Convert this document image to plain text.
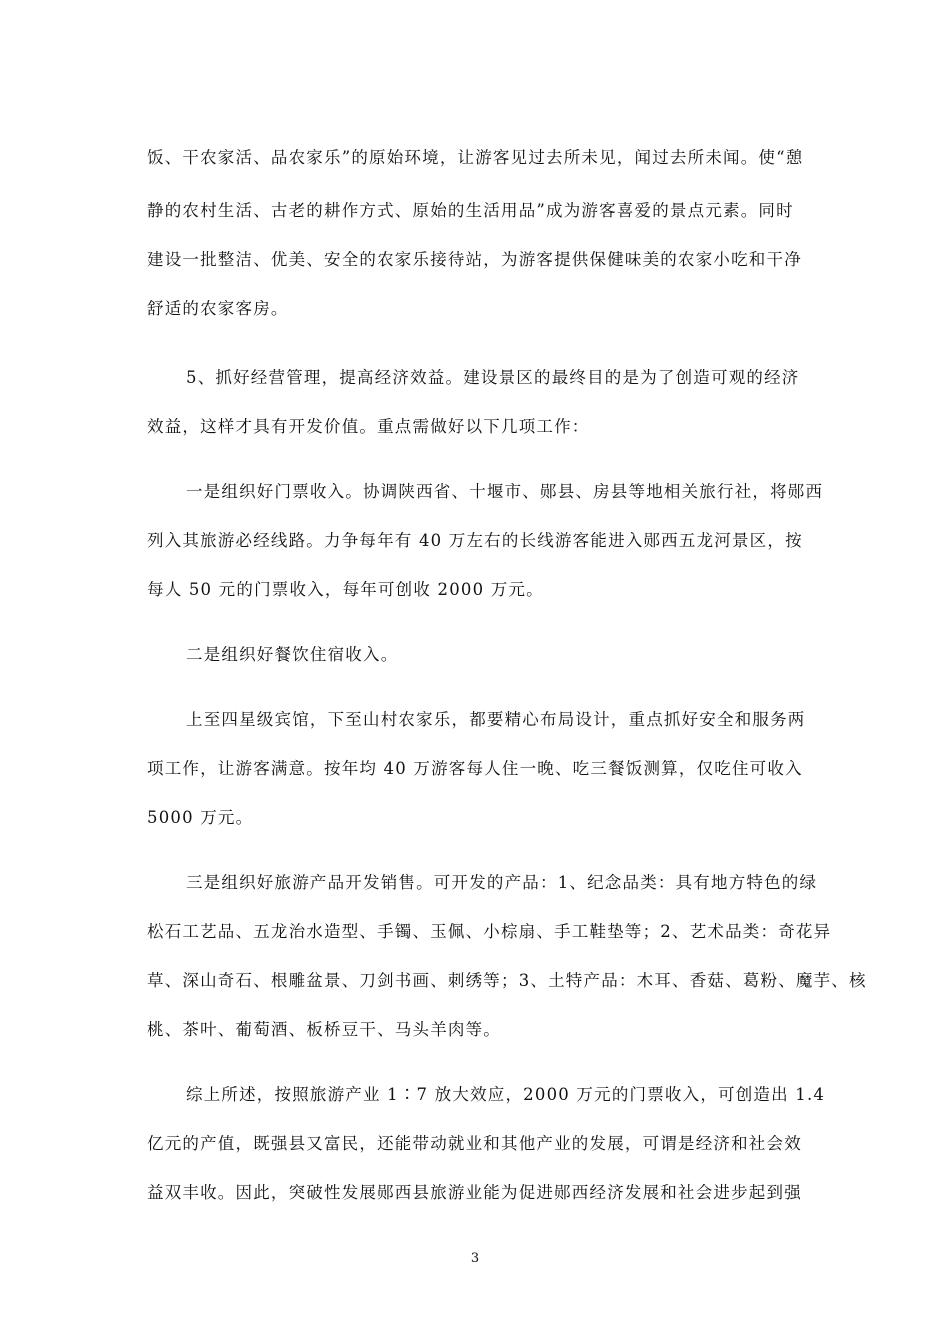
饭、干农家活、品农家乐”的原始环境，让游客见过去所未见，闻过去所未闻。使“憩
静的农村生活、古老的耕作方式、原始的生活用品”成为游客喜爱的景点元素。同时
建设一批整洁、优美、安全的农家乐接待站，为游客提供保健味美的农家小吃和干净
舒适的农家客房。
5、抓好经营管理，提高经济效益。建设景区的最终目的是为了创造可观的经济
效益，这样才具有开发价值。重点需做好以下几项工作：
一是组织好门票收入。协调陕西省、十堰市、郧县、房县等地相关旅行社，将郧西
列入其旅游必经线路。力争每年有 40 万左右的长线游客能进入郧西五龙河景区，按
每人 50 元的门票收入，每年可创收 2000 万元。
二是组织好餐饮住宿收入。
上至四星级宾馆，下至山村农家乐，都要精心布局设计，重点抓好安全和服务两
项工作，让游客满意。按年均 40 万游客每人住一晚、吃三餐饭测算，仅吃住可收入
5000 万元。
三是组织好旅游产品开发销售。可开发的产品：1、纪念品类：具有地方特色的绿
松石工艺品、五龙治水造型、手镯、玉佩、小棕扇、手工鞋垫等；2、艺术品类：奇花异
草、深山奇石、根雕盆景、刀剑书画、刺绣等；3、土特产品：木耳、香菇、葛粉、魔芋、核
桃、茶叶、葡萄酒、板桥豆干、马头羊肉等。
综上所述，按照旅游产业 1∶7 放大效应，2000 万元的门票收入，可创造出 1.4
亿元的产值，既强县又富民，还能带动就业和其他产业的发展，可谓是经济和社会效
益双丰收。因此，突破性发展郧西县旅游业能为促进郧西经济发展和社会进步起到强
3
